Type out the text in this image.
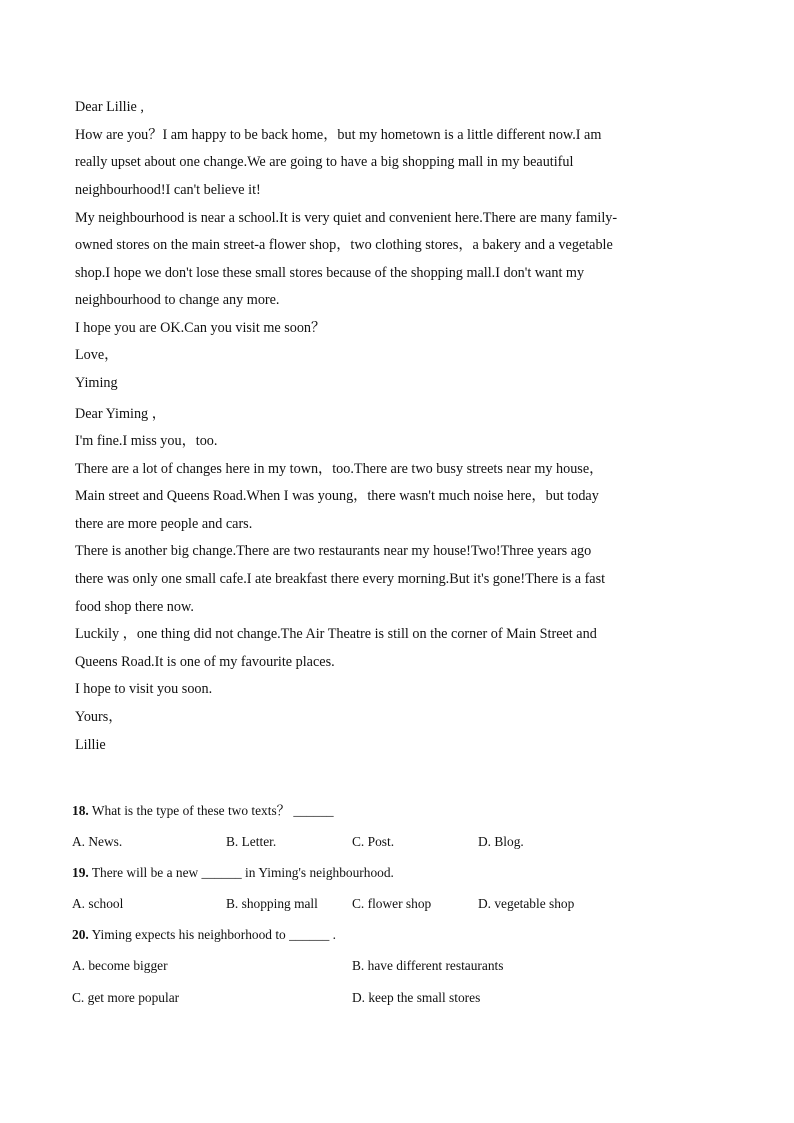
Dear Lillie ,

How are you？I am happy to be back home，but my hometown is a little different now.I am

really upset about one change.We are going to have a big shopping mall in my beautiful

neighbourhood!I can't believe it!

My neighbourhood is near a school.It is very quiet and convenient here.There are many family-

owned stores on the main street-a flower shop，two clothing stores，a bakery and a vegetable

shop.I hope we don't lose these small stores because of the shopping mall.I don't want my

neighbourhood to change any more.

I hope you are OK.Can you visit me soon？

Love，

Yiming

Dear Yiming ，

I'm fine.I miss you，too.

There are a lot of changes here in my town，too.There are two busy streets near my house，

Main street and Queens Road.When I was young，there wasn't much noise here，but today

there are more people and cars.

There is another big change.There are two restaurants near my house!Two!Three years ago

there was only one small cafe.I ate breakfast there every morning.But it's gone!There is a fast

food shop there now.

Luckily ，one thing did not change.The Air Theatre is still on the corner of Main Street and

Queens Road.It is one of my favourite places.

I hope to visit you soon.

Yours，

Lillie

18. What is the type of these two texts？ ______

A. News.	B. Letter.	C. Post.	D. Blog.

19. There will be a new ______ in Yiming's neighbourhood.

A. school	B. shopping mall	C. flower shop	D. vegetable shop

20. Yiming expects his neighborhood to ______ .

A. become bigger	B. have different restaurants

C. get more popular	D. keep the small stores
